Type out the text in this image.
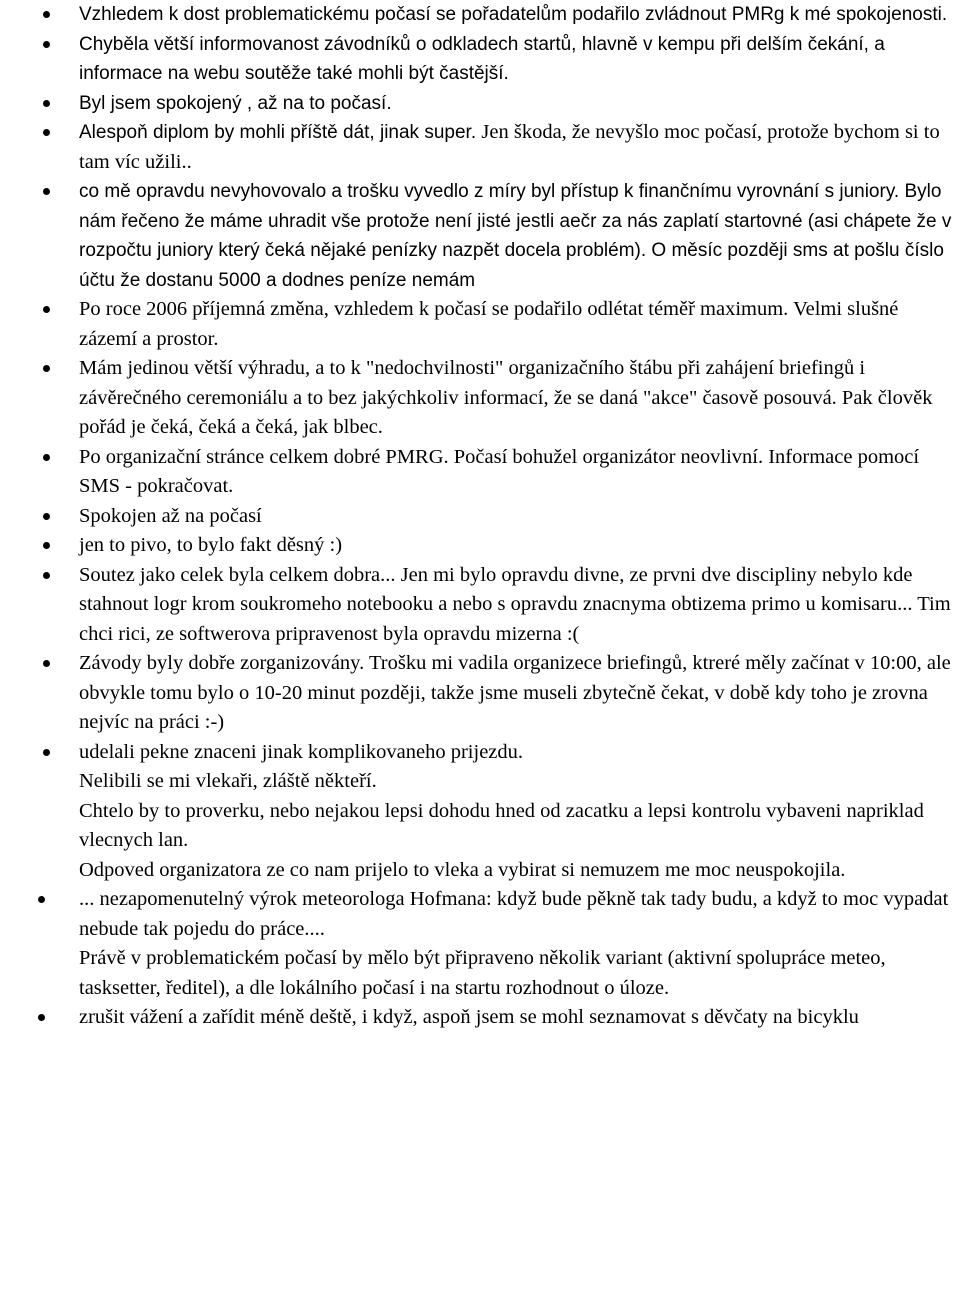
Vzhledem k dost problematickému počasí se pořadatelům podařilo zvládnout PMRg k mé spokojenosti.
Chyběla větší informovanost závodníků o odkladech startů, hlavně v kempu při delším čekání, a informace na webu soutěže také mohli být častější.
Byl jsem spokojený , až na to počasí.
Alespoň diplom by mohli příště dát, jinak super. Jen škoda, že nevyšlo moc počasí, protože bychom si to tam víc užili..
co mě opravdu nevyhovovalo a trošku vyvedlo z míry byl přístup k finančnímu vyrovnání s juniory. Bylo nám řečeno že máme uhradit vše protože není jisté jestli aečr za nás zaplatí startovné (asi chápete že v rozpočtu juniory který čeká nějaké penízky nazpět docela problém). O měsíc později sms at pošlu číslo účtu že dostanu 5000 a dodnes peníze nemám
Po roce 2006 příjemná změna, vzhledem k počasí se podařilo odlétat téměř maximum. Velmi slušné zázemí a prostor.
Mám jedinou větší výhradu, a to k "nedochvilnosti" organizačního štábu při zahájení briefingů i závěrečného ceremoniálu a to bez jakýchkoliv informací, že se daná "akce" časově posouvá. Pak člověk pořád je čeká, čeká a čeká, jak blbec.
Po organizační stránce celkem dobré PMRG. Počasí bohužel organizátor neovlivní. Informace pomocí SMS - pokračovat.
Spokojen až na počasí
jen to pivo, to bylo fakt děsný :)
Soutez jako celek byla celkem dobra... Jen mi bylo opravdu divne, ze prvni dve discipliny nebylo kde stahnout logr krom soukromeho notebooku a nebo s opravdu znacnyma obtizema primo u komisaru... Tim chci rici, ze softwerova pripravenost byla opravdu mizerna :(
Závody byly dobře zorganizovány. Trošku mi vadila organizece briefingů, ktreré měly začínat v 10:00, ale obvykle tomu bylo o 10-20 minut později, takže jsme museli zbytečně čekat, v době kdy toho je zrovna nejvíc na práci :-)
udelali pekne znaceni jinak komplikovaneho prijezdu.
Nelibili se mi vlekaři, zláště někteří.
Chtelo by to proverku, nebo nejakou lepsi dohodu hned od zacatku a lepsi kontrolu vybaveni napriklad vlecnych lan.
Odpoved organizatora ze co nam prijelo to vleka a vybirat si nemuzem me moc neuspokojila.
... nezapomenutelný výrok meteorologa Hofmana: když bude pěkně tak tady budu, a když to moc vypadat nebude tak pojedu do práce....
Právě v problematickém počasí by mělo být připraveno několik variant (aktivní spolupráce meteo, tasksetter, ředitel), a dle lokálního počasí i na startu rozhodnout o úloze.
zrušit vážení a zařídit méně deště, i když, aspoň jsem se mohl seznamovat s děvčaty na bicyklu
